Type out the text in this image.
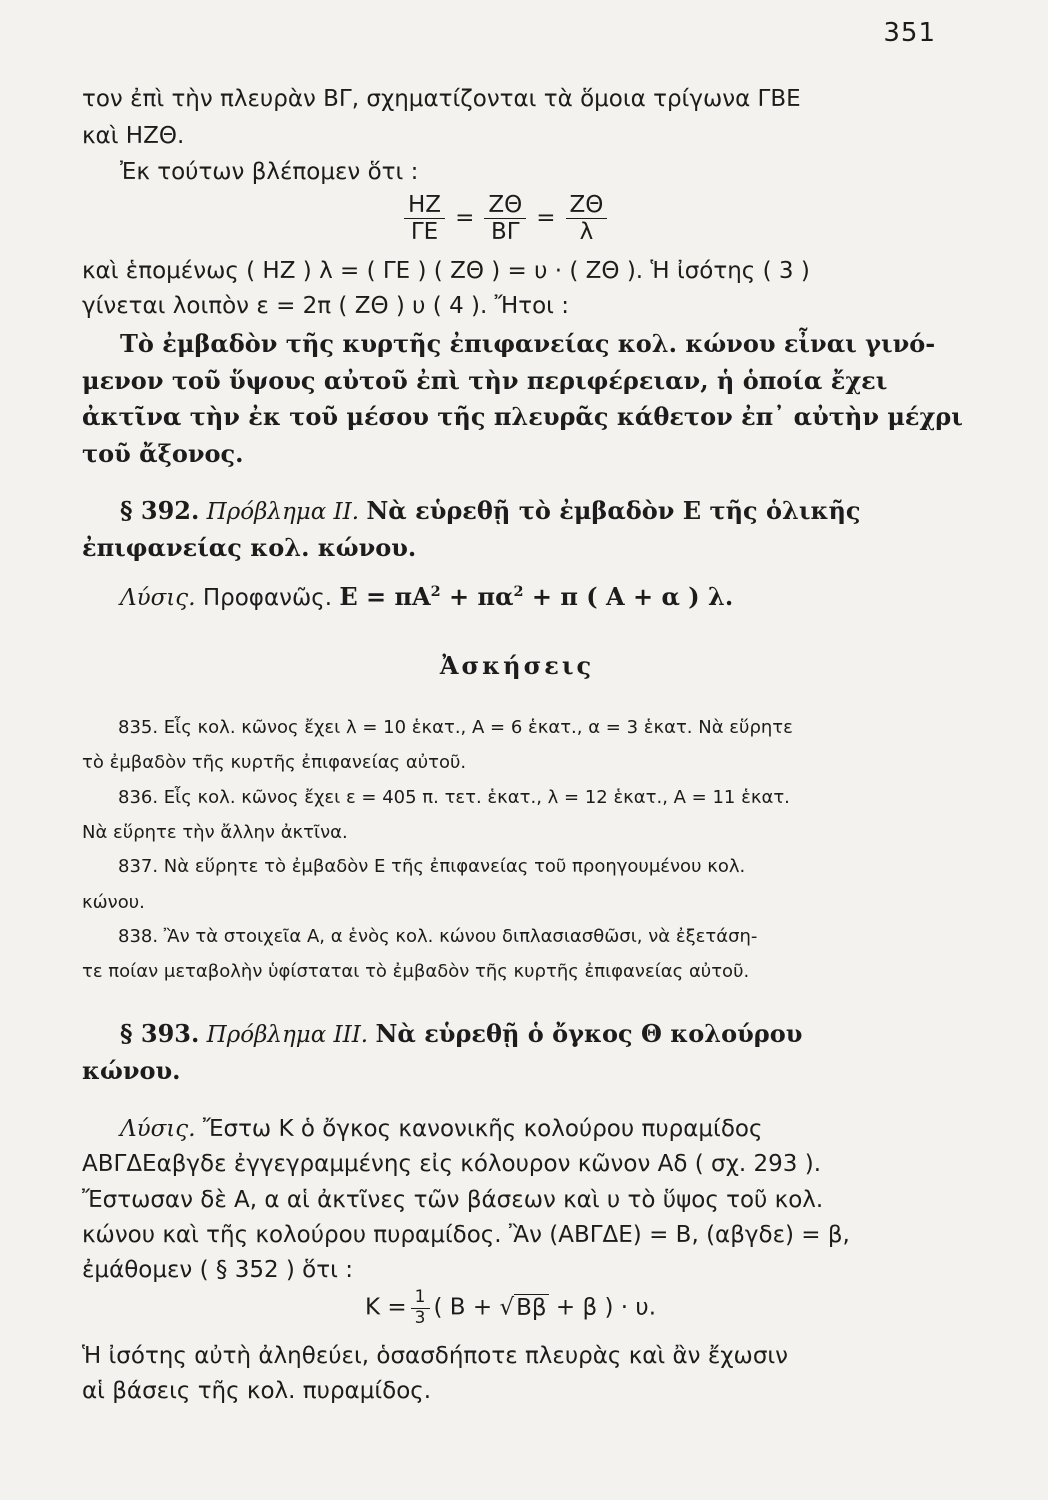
351
τον ἐπὶ τὴν πλευρὰν ΒΓ, σχηματίζονται τὰ ὅμοια τρίγωνα ΓΒΕ
καὶ ΗΖΘ.
Ἐκ τούτων βλέπομεν ὅτι :
$\frac{HZ}{\Gamma E} = \frac{Z\Theta}{B\Gamma} = \frac{Z\Theta}{\lambda}$
καὶ ἑπομένως ( ΗΖ ) λ = ( ΓΕ ) ( ΖΘ ) = υ · ( ΖΘ ). Ἡ ἰσότης ( 3 )
γίνεται λοιπὸν ε = 2π ( ΖΘ ) υ ( 4 ). Ἤτοι :
Τὸ ἐμβαδὸν τῆς κυρτῆς ἐπιφανείας κολ. κώνου εἶναι γινό-
μενον τοῦ ὕψους αὐτοῦ ἐπὶ τὴν περιφέρειαν, ἡ ὁποία ἔχει
ἀκτῖνα τὴν ἐκ τοῦ μέσου τῆς πλευρᾶς κάθετον ἐπ᾽ αὐτὴν μέχρι
τοῦ ἄξονος.
§ 392. Πρόβλημα ΙΙ. Νὰ εὑρεθῇ τὸ ἐμβαδὸν Ε τῆς ὁλικῆς
ἐπιφανείας κολ. κώνου.
Λύσις. Προφανῶς. $E = \pi A^2 + \pi\alpha^2 + \pi$ ( Α + α ) λ.
Ἀσκήσεις
835. Εἷς κολ. κῶνος ἔχει λ = 10 ἑκατ., Α = 6 ἑκατ., α = 3 ἑκατ. Νὰ εὕρητε
τὸ ἐμβαδὸν τῆς κυρτῆς ἐπιφανείας αὐτοῦ.
836. Εἷς κολ. κῶνος ἔχει ε = 405 π. τετ. ἑκατ., λ = 12 ἑκατ., Α = 11 ἑκατ.
Νὰ εὕρητε τὴν ἄλλην ἀκτῖνα.
837. Νὰ εὕρητε τὸ ἐμβαδὸν Ε τῆς ἐπιφανείας τοῦ προηγουμένου κολ.
κώνου.
838. Ἂν τὰ στοιχεῖα Α, α ἑνὸς κολ. κώνου διπλασιασθῶσι, νὰ ἐξετάση-
τε ποίαν μεταβολὴν ὑφίσταται τὸ ἐμβαδὸν τῆς κυρτῆς ἐπιφανείας αὐτοῦ.
§ 393. Πρόβλημα ΙΙΙ. Νὰ εὑρεθῇ ὁ ὄγκος Θ κολούρου
κώνου.
Λύσις. Ἔστω Κ ὁ ὄγκος κανονικῆς κολούρου πυραμίδος
ΑΒΓΔΕαβγδε ἐγγεγραμμένης εἰς κόλουρον κῶνον Αδ ( σχ. 293 ).
Ἔστωσαν δὲ Α, α αἱ ἀκτῖνες τῶν βάσεων καὶ υ τὸ ὕψος τοῦ κολ.
κώνου καὶ τῆς κολούρου πυραμίδος. Ἂν (ΑΒΓΔΕ) = Β, (αβγδε) = β,
ἐμάθομεν ( § 352 ) ὅτι :
$K = \frac{1}{3}$ ( Β + √Ββ + β ) · υ.
Ἡ ἰσότης αὐτὴ ἀληθεύει, ὁσασδήποτε πλευρὰς καὶ ἂν ἔχωσιν
αἱ βάσεις τῆς κολ. πυραμίδος.
